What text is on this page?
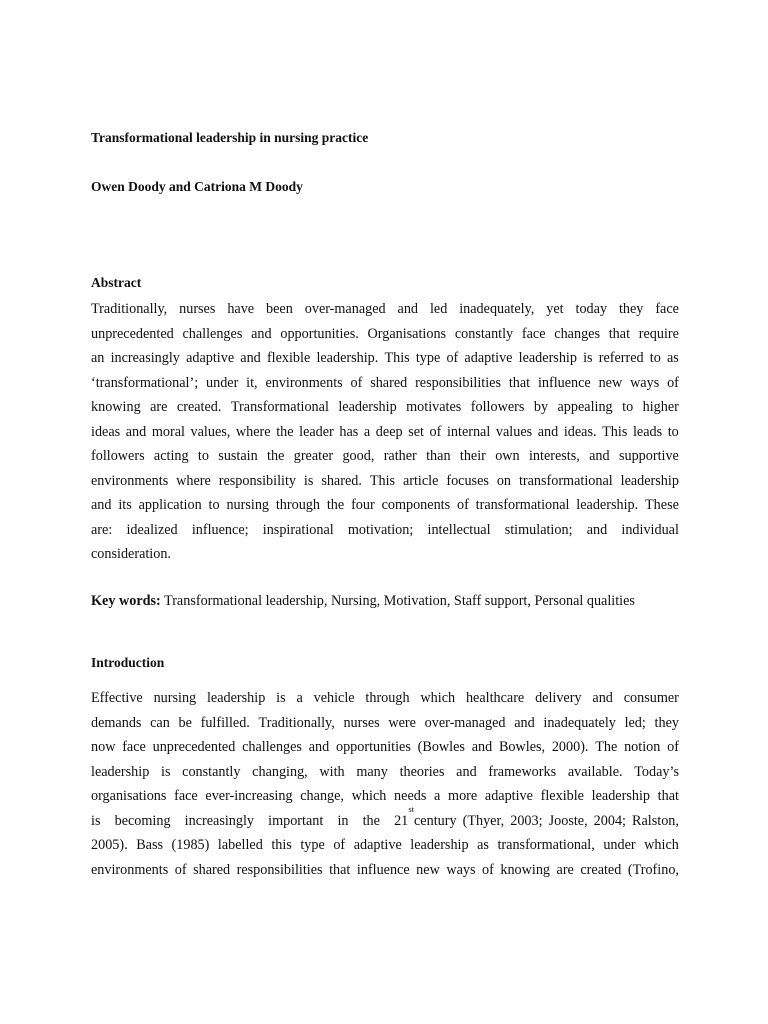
Transformational leadership in nursing practice
Owen Doody and Catriona M Doody
Abstract
Traditionally, nurses have been over-managed and led inadequately, yet today they face
unprecedented challenges and opportunities. Organisations constantly face changes that require
an increasingly adaptive and flexible leadership. This type of adaptive leadership is referred to as
‘transformational’; under it, environments of shared responsibilities that influence new ways of
knowing are created. Transformational leadership motivates followers by appealing to higher
ideas and moral values, where the leader has a deep set of internal values and ideas. This leads to
followers acting to sustain the greater good, rather than their own interests, and supportive
environments where responsibility is shared. This article focuses on transformational leadership
and its application to nursing through the four components of transformational leadership. These
are: idealized influence; inspirational motivation; intellectual stimulation; and individual
consideration.
Key words: Transformational leadership, Nursing, Motivation, Staff support, Personal qualities
Introduction
Effective nursing leadership is a vehicle through which healthcare delivery and consumer
demands can be fulfilled. Traditionally, nurses were over-managed and inadequately led; they
now face unprecedented challenges and opportunities (Bowles and Bowles, 2000). The notion of
leadership is constantly changing, with many theories and frameworks available. Today’s
organisations face ever-increasing change, which needs a more adaptive flexible leadership that
is becoming increasingly important in the 21
st
century (Thyer, 2003; Jooste, 2004; Ralston,
2005). Bass (1985) labelled this type of adaptive leadership as transformational, under which
environments of shared responsibilities that influence new ways of knowing are created (Trofino,
